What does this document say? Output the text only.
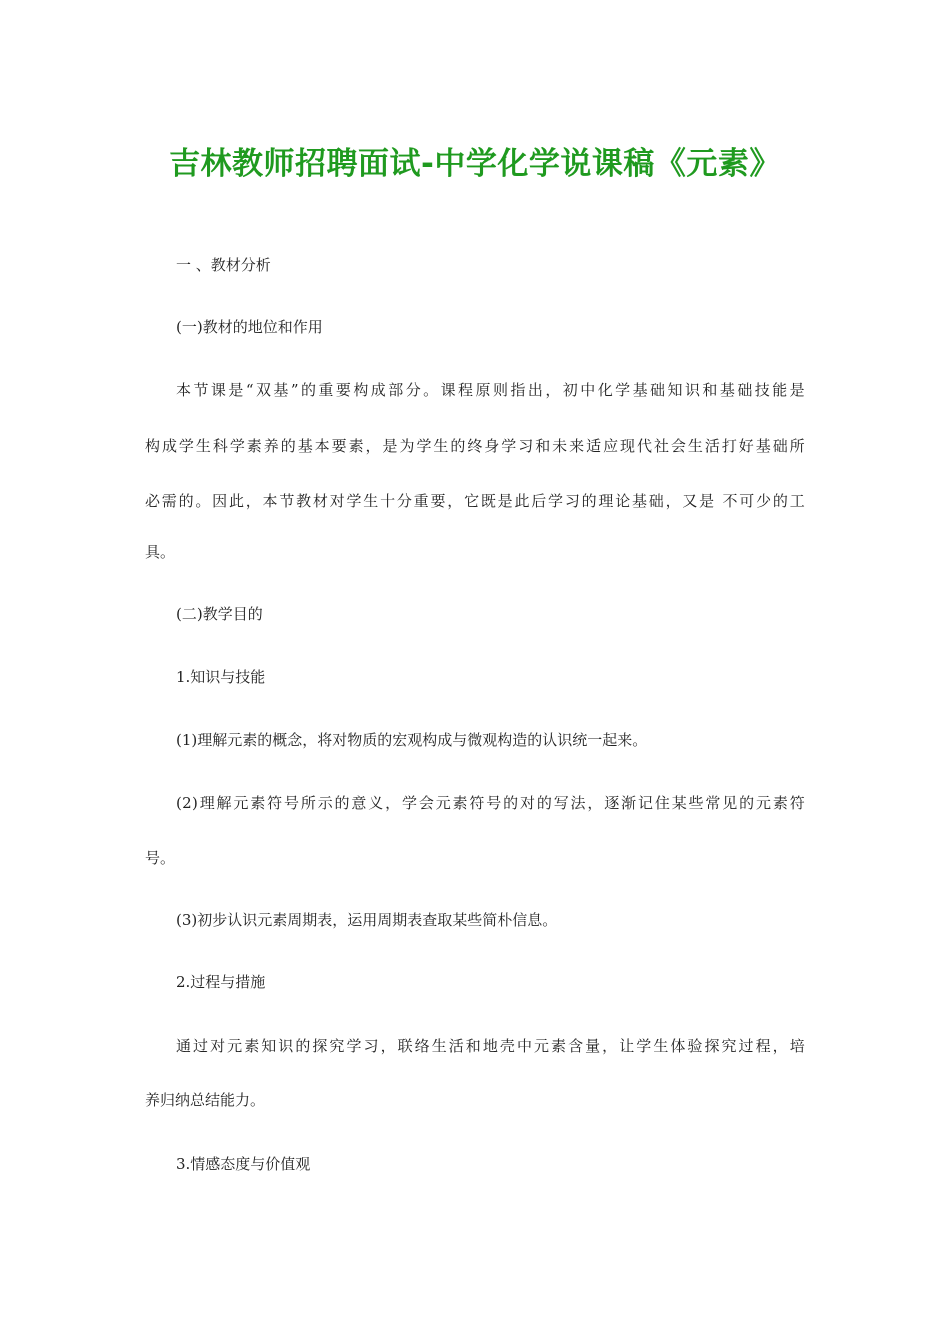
吉林教师招聘面试-中学化学说课稿《元素》
一 、教材分析
(一)教材的地位和作用
本节课是“双基”的重要构成部分。课程原则指出，初中化学基础知识和基础技能是
构成学生科学素养的基本要素，是为学生的终身学习和未来适应现代社会生活打好基础所
必需的。因此，本节教材对学生十分重要，它既是此后学习的理论基础，又是 不可少的工
具。
(二)教学目的
1.知识与技能
(1)理解元素的概念，将对物质的宏观构成与微观构造的认识统一起来。
(2)理解元素符号所示的意义，学会元素符号的对的写法，逐渐记住某些常见的元素符
号。
(3)初步认识元素周期表，运用周期表查取某些简朴信息。
2.过程与措施
通过对元素知识的探究学习，联络生活和地壳中元素含量，让学生体验探究过程，培
养归纳总结能力。
3.情感态度与价值观
